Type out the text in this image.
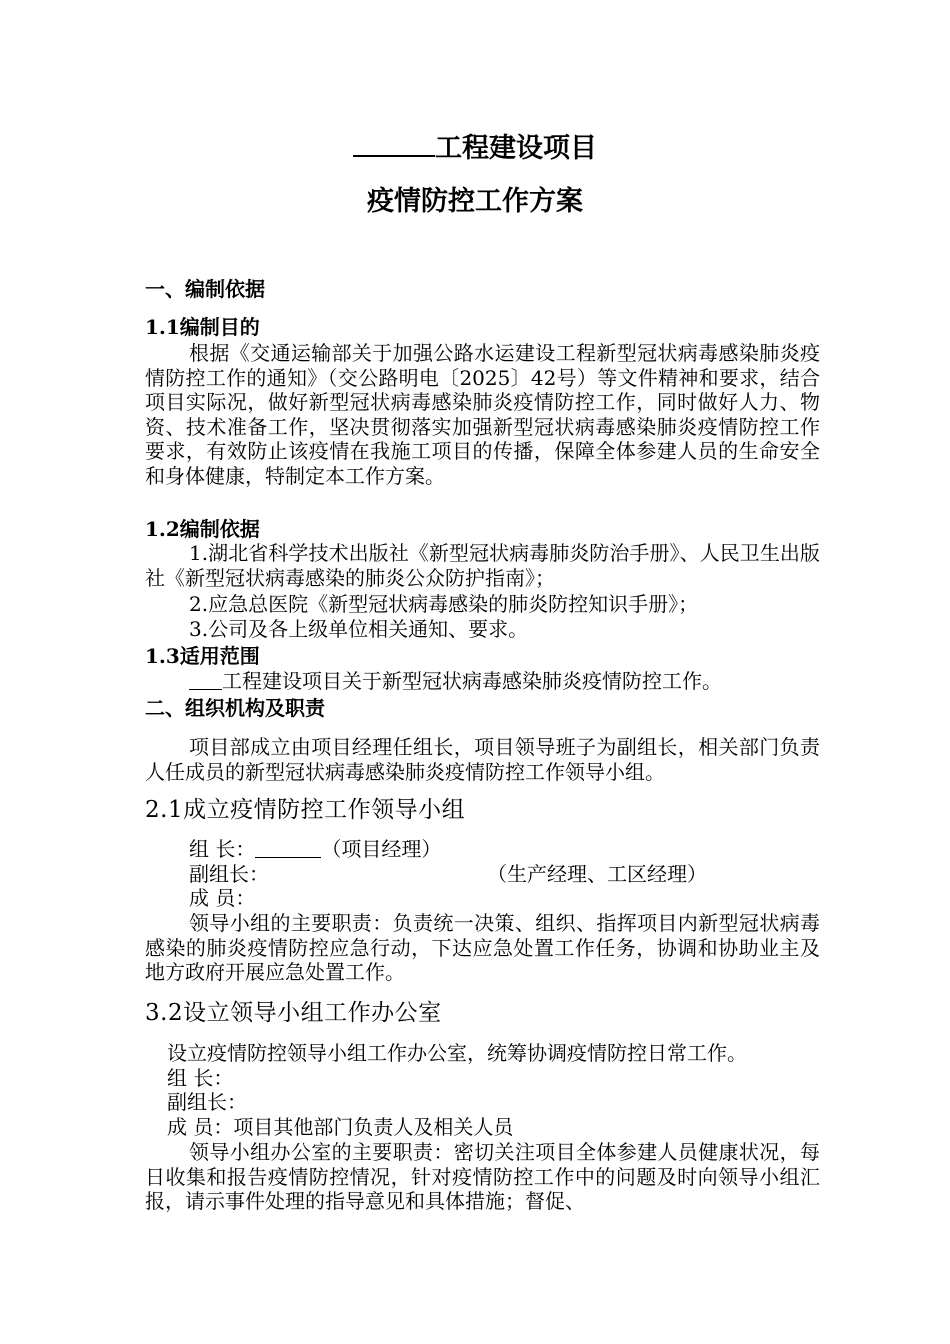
工程建设项目
疫情防控工作方案
一、编制依据
1.1编制目的

根据《交通运输部关于加强公路水运建设工程新型冠状病毒感染肺炎疫情防控工作的通知》（交公路明电〔2025〕42号）等文件精神和要求，结合项目实际况，做好新型冠状病毒感染肺炎疫情防控工作，同时做好人力、物资、技术准备工作，坚决贯彻落实加强新型冠状病毒感染肺炎疫情防控工作要求，有效防止该疫情在我施工项目的传播，保障全体参建人员的生命安全和身体健康，特制定本工作方案。

1.2编制依据

1.湖北省科学技术出版社《新型冠状病毒肺炎防治手册》、人民卫生出版社《新型冠状病毒感染的肺炎公众防护指南》；

2.应急总医院《新型冠状病毒感染的肺炎防控知识手册》；

3.公司及各上级单位相关通知、要求。

1.3适用范围
工程建设项目关于新型冠状病毒感染肺炎疫情防控工作。
二、组织机构及职责

项目部成立由项目经理任组长，项目领导班子为副组长，相关部门负责人任成员的新型冠状病毒感染肺炎疫情防控工作领导小组。

2.1成立疫情防控工作领导小组
组 长：	（项目经理）
副组长：	（生产经理、工区经理）
成 员：

领导小组的主要职责：负责统一决策、组织、指挥项目内新型冠状病毒感染的肺炎疫情防控应急行动，下达应急处置工作任务，协调和协助业主及地方政府开展应急处置工作。

3.2设立领导小组工作办公室
设立疫情防控领导小组工作办公室，统筹协调疫情防控日常工作。
组 长：
副组长：
成 员：项目其他部门负责人及相关人员

领导小组办公室的主要职责：密切关注项目全体参建人员健康状况，每日收集和报告疫情防控情况，针对疫情防控工作中的问题及时向领导小组汇报，请示事件处理的指导意见和具体措施；督促、
